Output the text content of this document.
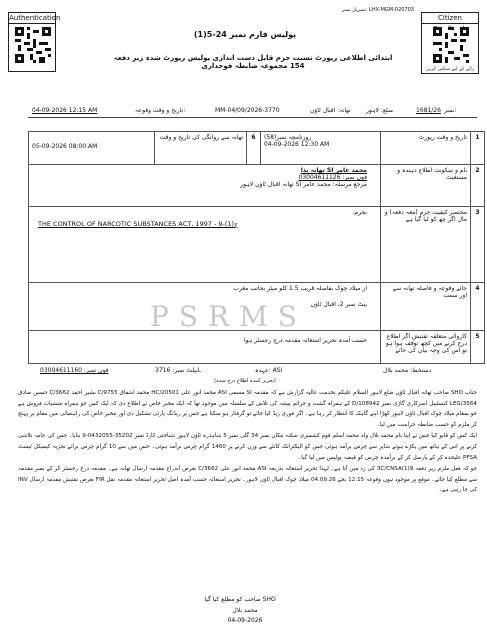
Authentication	Citizen
رائے کے لیے سکین کریں
سیریل نمبر: LHX-MGM-020703
پولیس فارم نمبر 24-5(1)
ابتدائی اطلاعی رپورٹ نسبت جرم قابل دست اندازی پولیس رپورٹ شدہ زیر دفعہ 154 مجموعہ ضابطہ فوجداری
نمبر:
1681/26
ضلع: لاہور
تھانہ: اقبال ٹاؤن
MM-04/09/2026-3770
تاریخ و وقت وقوعہ:
04-09-2026 12:15 AM
05-09-2026 08:00 AM	تھانہ سے روانگی کی تاریخ و وقت	6	روزنامچہ نمبر(58)
04-09-2026 12:30 AM	تاریخ و وقت رپورٹ	1

محمد عامر SI تھانہ بذا
فون نمبر: 03004611126
مرجع مرسلہ: محمد عامر SI تھانہ اقبال ٹاؤن لاہور				نام و سکونت اطلاع دہندہ و مستغیث	2

بجرم:
THE CONTROL OF NARCOTIC SUBSTANCES ACT, 1997 - 9-(1)ج				مختصر کیفیت جرم (معہ دفعہ) و مال اگر چھ کو لیا گیا ہے	3

از میلاد چوک بفاصلہ قریب 1.5 کلو میٹر بجانب مغرب
بیٹ نمبر 2، اقبال ٹاؤن				جائے وقوعہ و فاصلہ تھانہ سے اور سمت	4

حسب آمدہ تحریر استغاثہ مقدمہ درج رجسٹر ہوا				کاروائی متعلقہ تفتیش اگر اطلاع درج کرنے میں کچھ توقف ہوا ہو تو اس کی وجہ بیان کی جائے	5
PSRMS
دستخط: محمد بلال
عہدہ: ASI
بیلٹ نمبر: 3716L
فون نمبر: 03004611160
(تحریر کنندہ اطلاع درج شدہ)

جناب SHO صاحب تھانہ اقبال ٹاؤن ضلع لاہور السلام علیکم بخدمت عالیہ گزارش ہے کہ مقدمہ SI مسمی ASI محمد انور علی HC/20501 محمد اشفاق C/9755 بشیر احمد C/3662 حسین صادق 3564/LEG کنسٹیبل اسرکاری گاڑی نمبر D/108942 کے ہمراہ گشت و جرائم پیشہ کی تلاش کے سلسلہ میں موجود تھا کہ ایک مخبر خاص نے اطلاع دی کہ ایک کس جو ہمراہ منشیات فروش ہے جو بمقام میلاد چوک اقبال ٹاؤن لاہور کھڑا اپنے گاہک کا انتظار کر رہا ہے۔ اگر فوری ریڈ کیا جائے تو گرفتار ہو سکتا ہے جس پر ریڈنگ پارٹی تشکیل دی اور مخبر خاص کی راہنمائی میں مقام پر پہنچ کر ملزم کو حسب ضابطہ حراست میں لیا۔

ایک کس کو قابو کیا جس نے اپنا نام محمد بلال ولد محمد اسلم قوم کشمیری سکنہ مکان نمبر 34 گلی نمبر 5 شاہدرہ ٹاؤن لاہور شناختی کارڈ نمبر 35202-0432055-9 بتایا۔ جس کی جامہ تلاشی کرنے پر اس کے ہاتھ میں پکڑے ہوئے شاپر سے چرس برآمد ہوئی جس کو الیکٹرانک کانٹے سے وزن کرنے پر 1460 گرام چرس برآمد ہوئی۔ جس میں سے 10 گرام چرس برائے تجزیہ کیمیکل ٹیسٹ PFSA علیحدہ کر کے پارسل کر کے برآمدہ چرس کو قبضہ پولیس میں لیا گیا۔

جو کہ فعل ملزم زیر دفعہ 9(1)3C/CNSA کی زد میں آتا ہے۔ لہذا تحریر استغاثہ بذریعہ ASI محمد انور علی C/3662 بغرض اندراج مقدمہ ارسال تھانہ ہے۔ مقدمہ درج رجسٹر کر کے نمبر مقدمہ سے مطلع کیا جائے۔ موقع پر موجود ہوں وقوعہ 12:15 بجے 04.09.26 میلاد چوک اقبال ٹاؤن لاہور۔ تحریر استغاثہ حسب آمدہ اصل تحریر استغاثہ مقدمہ نقل FIR بغرض تفتیش مقدمہ ارسال INV کی جا رہی ہے۔

SHO صاحب کو مطلع کیا گیا
محمد بلال
04-09-2026
